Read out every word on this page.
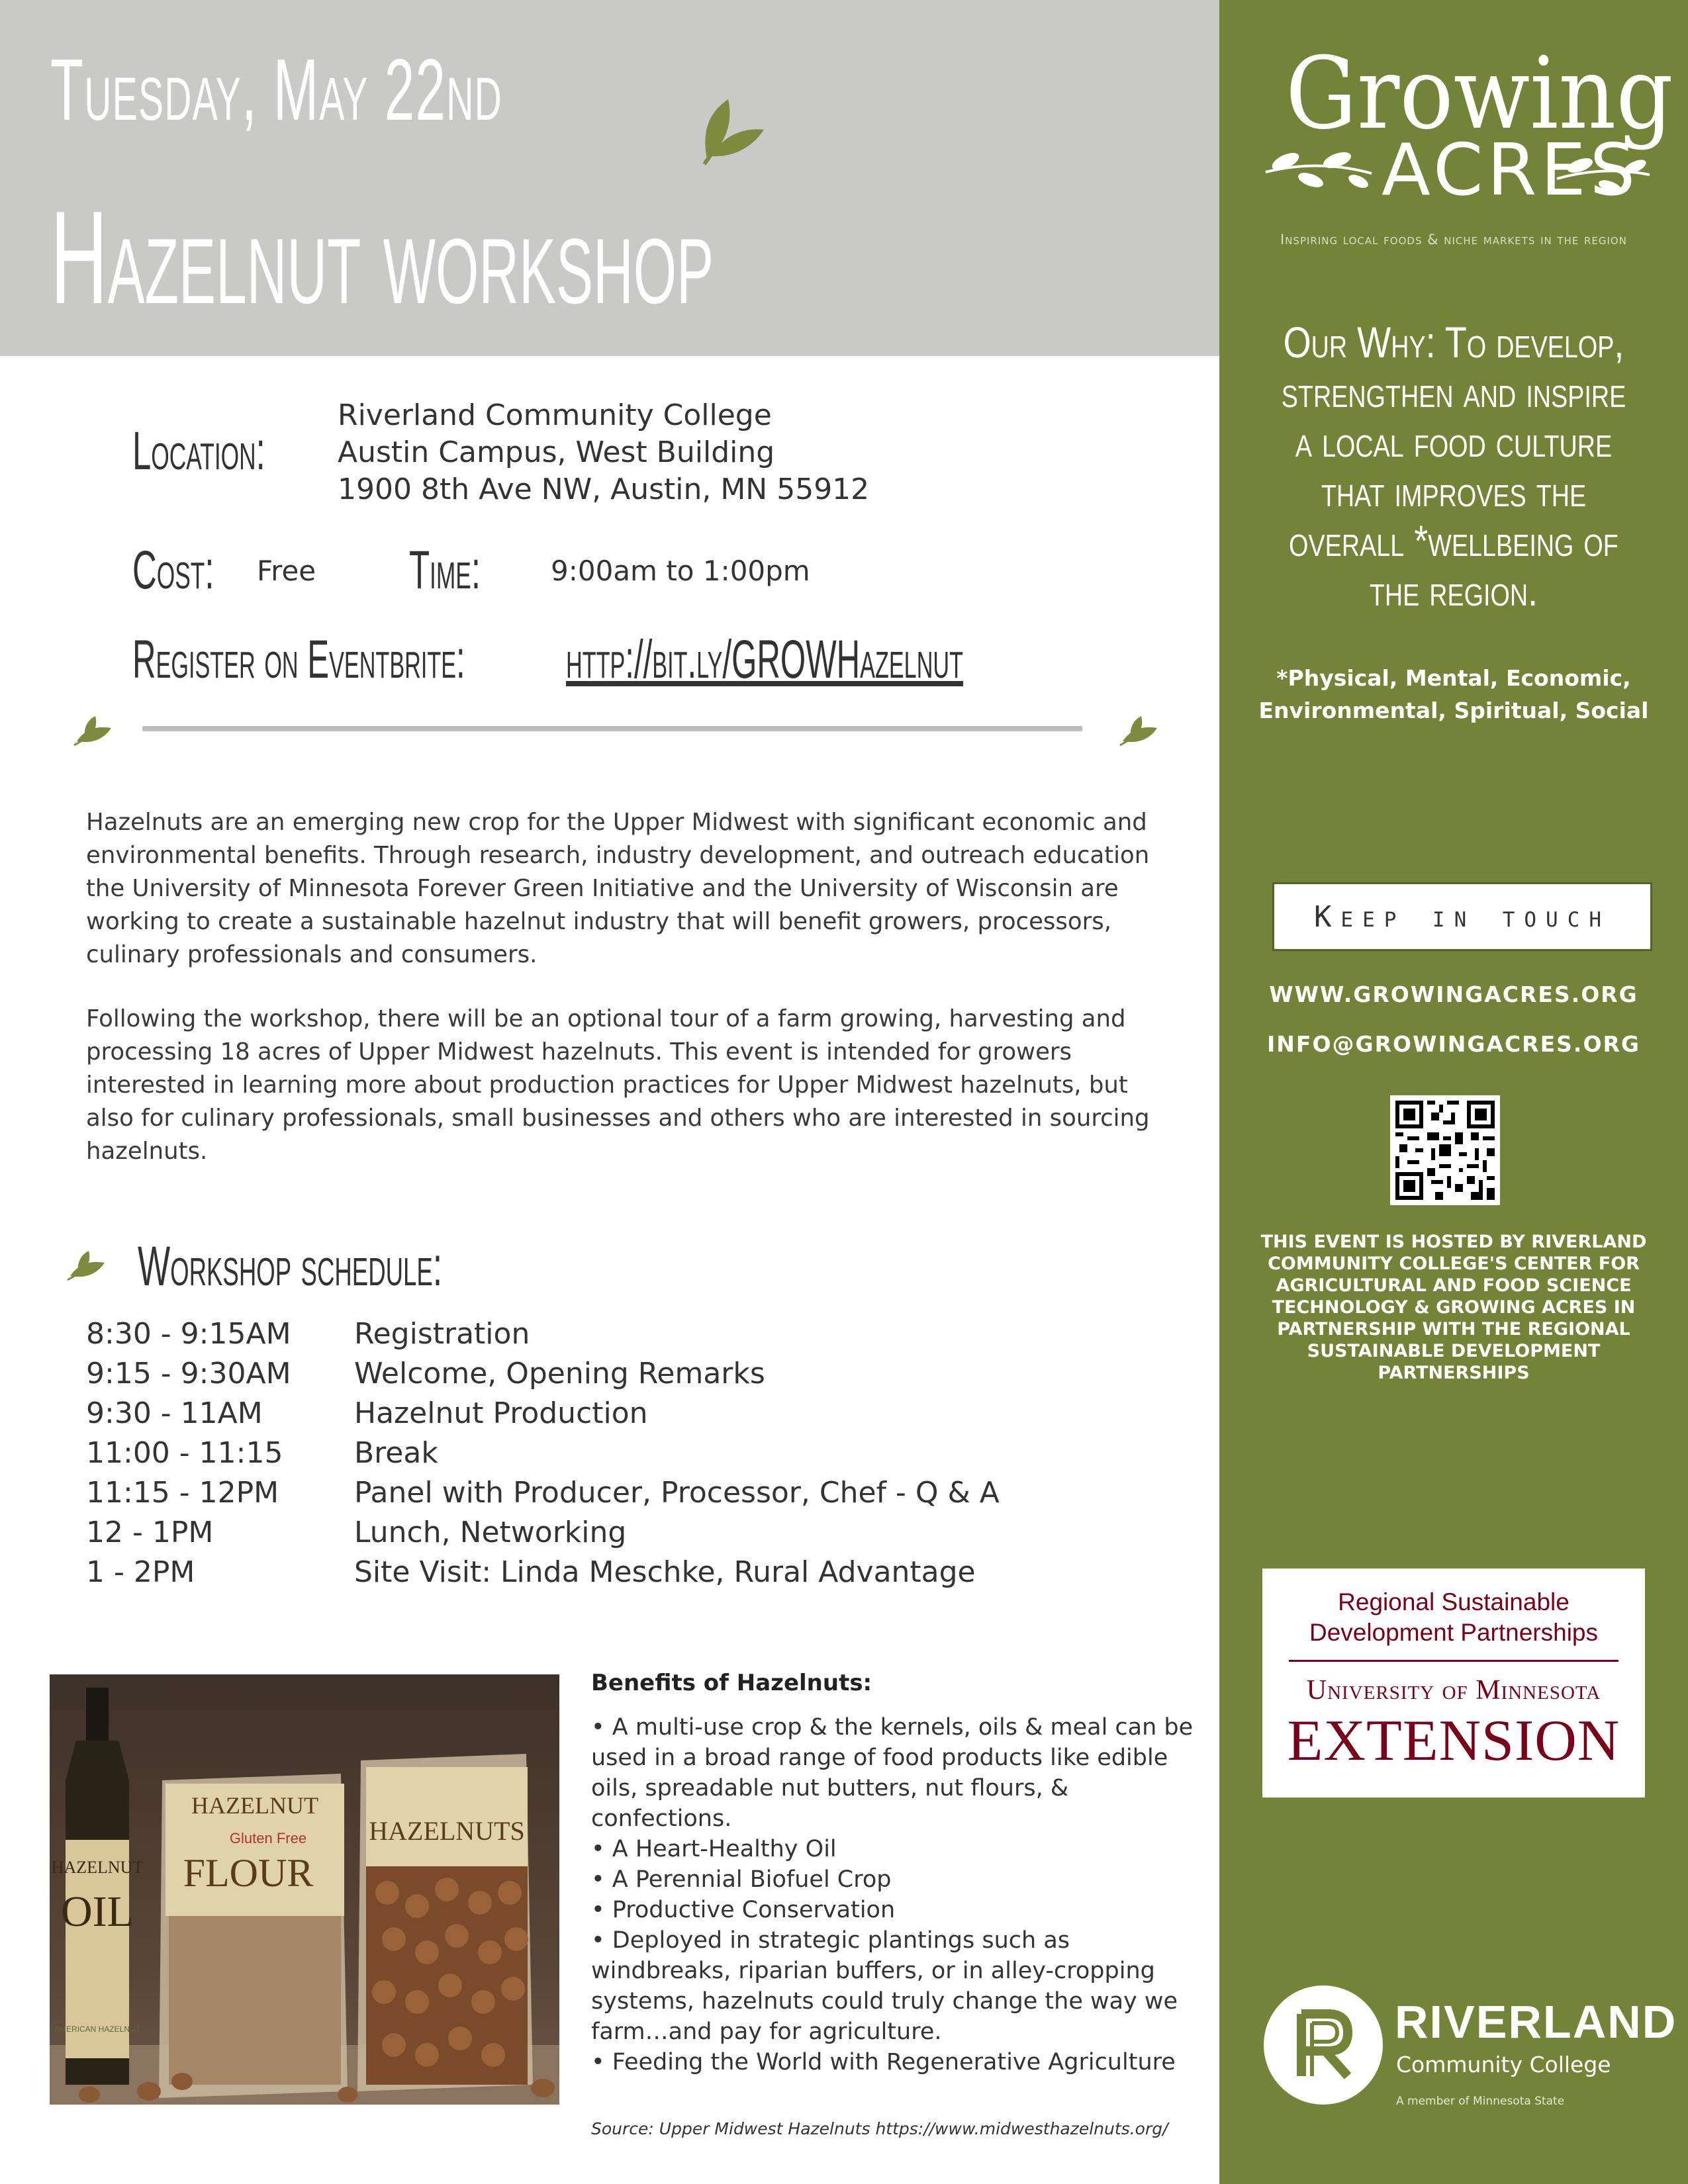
Tuesday, May 22nd
Hazelnut workshop
Growing
ACRES
Inspiring local foods & niche markets in the region
Our Why: To develop, strengthen and inspire a local food culture that improves the overall *wellbeing of the region.
*Physical, Mental, Economic, Environmental, Spiritual, Social
Keep in touch
WWW.GROWINGACRES.ORG
INFO@GROWINGACRES.ORG
THIS EVENT IS HOSTED BY RIVERLAND COMMUNITY COLLEGE'S CENTER FOR AGRICULTURAL AND FOOD SCIENCE TECHNOLOGY & GROWING ACRES IN PARTNERSHIP WITH THE REGIONAL SUSTAINABLE DEVELOPMENT PARTNERSHIPS
Regional Sustainable
Development Partnerships
University of Minnesota
EXTENSION
RIVERLAND
Community College
A member of Minnesota State
Location:
Riverland Community College
Austin Campus, West Building
1900 8th Ave NW, Austin, MN 55912
Cost: Free Time:	9:00am to 1:00pm
Register on Eventbrite: http://bit.ly/GROWHazelnut

Hazelnuts are an emerging new crop for the Upper Midwest with significant economic and environmental benefits. Through research, industry development, and outreach education the University of Minnesota Forever Green Initiative and the University of Wisconsin are working to create a sustainable hazelnut industry that will benefit growers, processors, culinary professionals and consumers.

Following the workshop, there will be an optional tour of a farm growing, harvesting and processing 18 acres of Upper Midwest hazelnuts. This event is intended for growers interested in learning more about production practices for Upper Midwest hazelnuts, but also for culinary professionals, small businesses and others who are interested in sourcing hazelnuts.

Workshop schedule:
8:30 - 9:15AM Registration
9:15 - 9:30AM Welcome, Opening Remarks
9:30 - 11AM	Hazelnut Production
11:00 - 11:15 Break
11:15 - 12PM	Panel with Producer, Processor, Chef - Q & A
12 - 1PM	Lunch, Networking
1 - 2PM	Site Visit: Linda Meschke, Rural Advantage
HAZELNUT
OIL
AMERICAN HAZELNUT
HAZELNUT
Gluten Free
FLOUR
HAZELNUTS
Benefits of Hazelnuts:
• A multi-use crop & the kernels, oils & meal can be used in a broad range of food products like edible oils, spreadable nut butters, nut flours, & confections.
• A Heart-Healthy Oil
• A Perennial Biofuel Crop
• Productive Conservation
• Deployed in strategic plantings such as windbreaks, riparian buffers, or in alley-cropping systems, hazelnuts could truly change the way we farm…and pay for agriculture.
• Feeding the World with Regenerative Agriculture
Source: Upper Midwest Hazelnuts https://www.midwesthazelnuts.org/
